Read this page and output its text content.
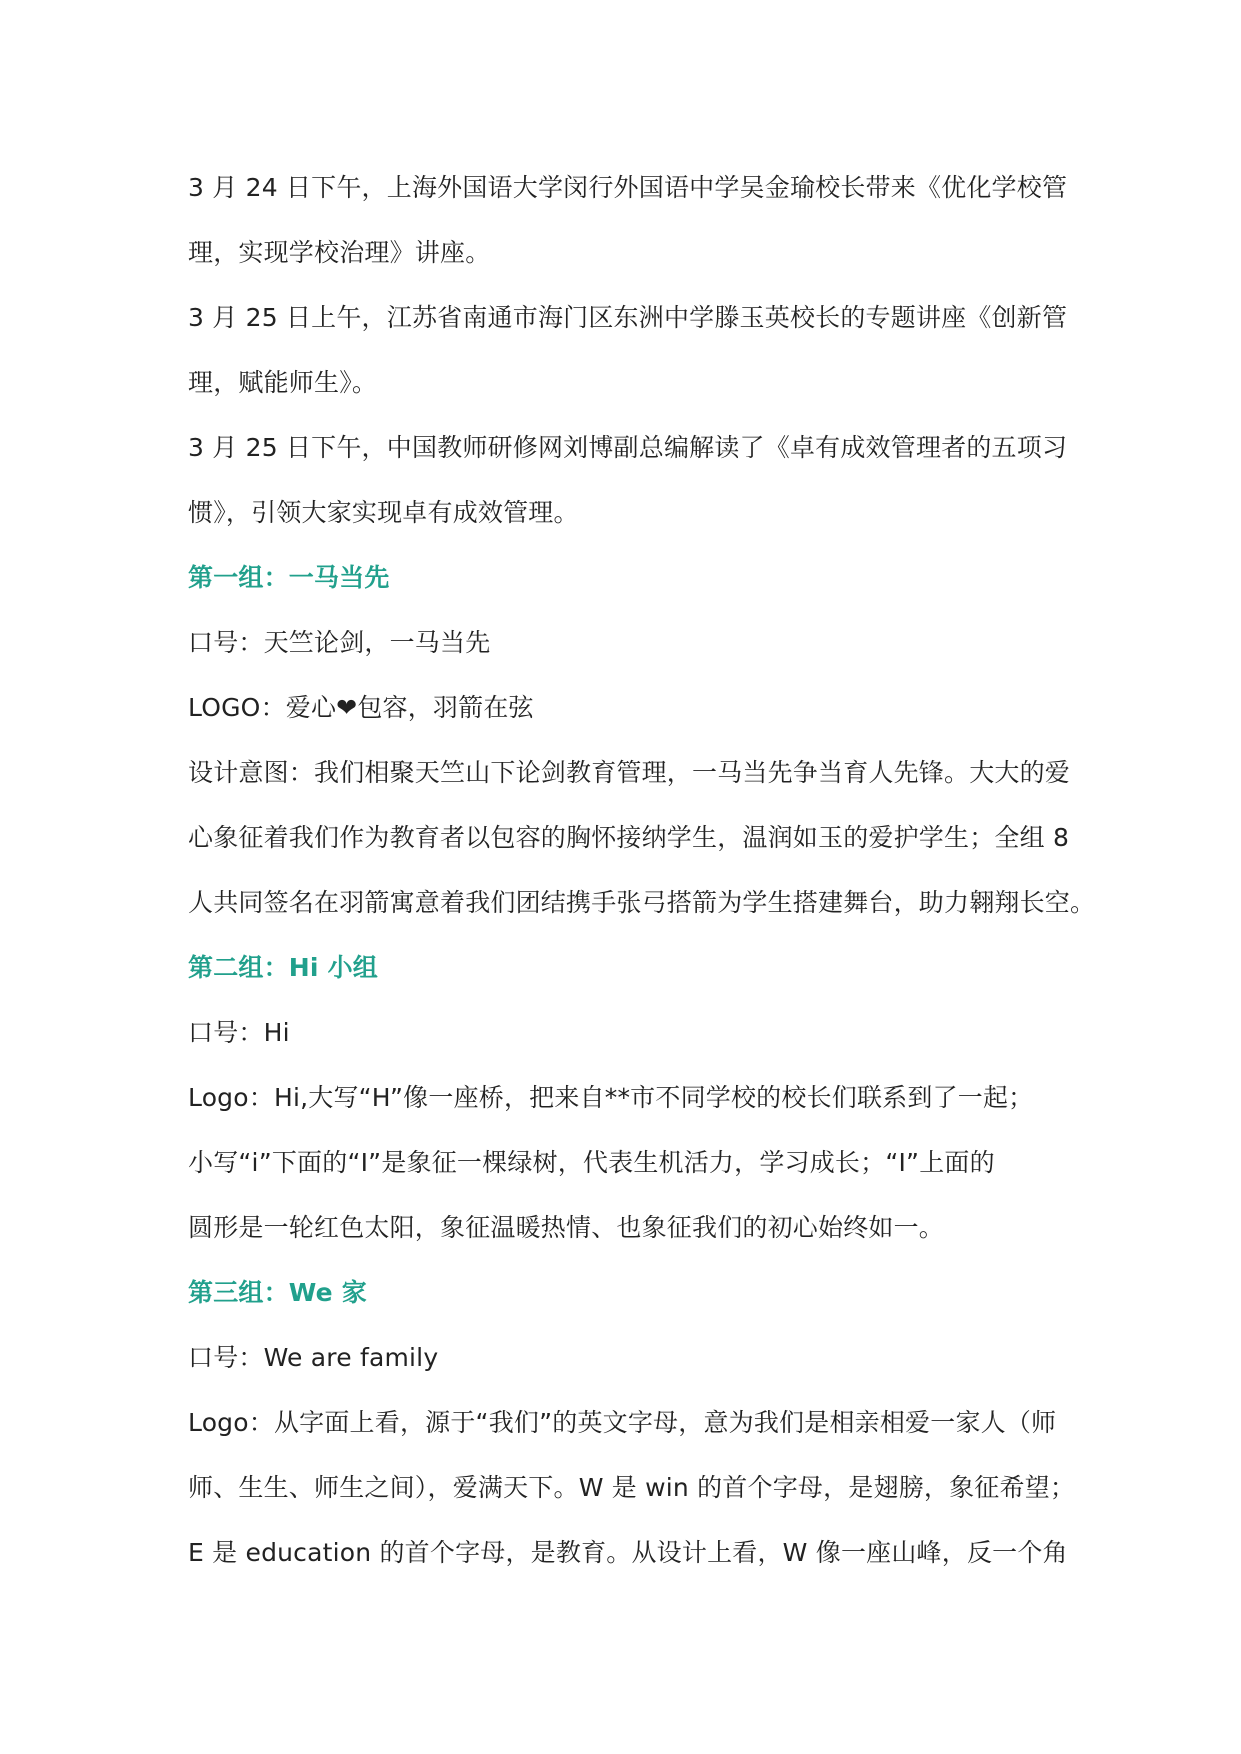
3 月 24 日下午，上海外国语大学闵行外国语中学吴金瑜校长带来《优化学校管
理，实现学校治理》讲座。
3 月 25 日上午，江苏省南通市海门区东洲中学滕玉英校长的专题讲座《创新管
理，赋能师生》。
3 月 25 日下午，中国教师研修网刘博副总编解读了《卓有成效管理者的五项习
惯》，引领大家实现卓有成效管理。
第一组：一马当先
口号：天竺论剑，一马当先
LOGO：爱心❤包容，羽箭在弦
设计意图：我们相聚天竺山下论剑教育管理，一马当先争当育人先锋。大大的爱
心象征着我们作为教育者以包容的胸怀接纳学生，温润如玉的爱护学生；全组 8
人共同签名在羽箭寓意着我们团结携手张弓搭箭为学生搭建舞台，助力翱翔长空。
第二组：Hi 小组
口号：Hi
Logo：Hi,大写“H”像一座桥，把来自**市不同学校的校长们联系到了一起；
小写“i”下面的“I”是象征一棵绿树，代表生机活力，学习成长；“I”上面的
圆形是一轮红色太阳，象征温暖热情、也象征我们的初心始终如一。
第三组：We 家
口号：We are family
Logo：从字面上看，源于“我们”的英文字母，意为我们是相亲相爱一家人（师
师、生生、师生之间），爱满天下。W 是 win 的首个字母，是翅膀，象征希望；
E 是 education 的首个字母，是教育。从设计上看，W 像一座山峰，反一个角
